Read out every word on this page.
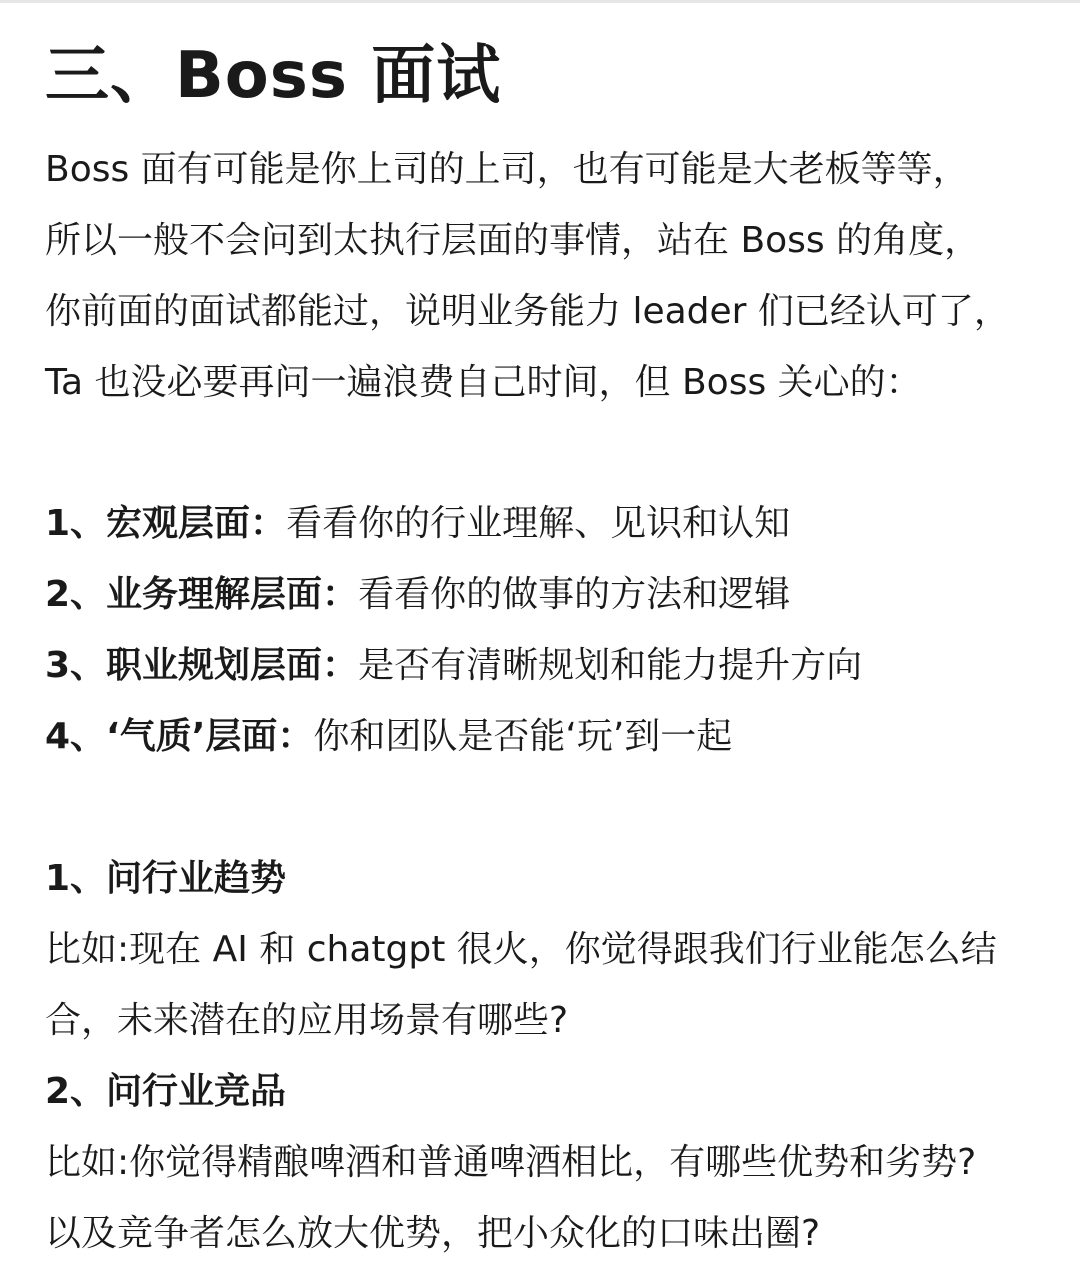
三、Boss 面试

Boss 面有可能是你上司的上司，也有可能是大老板等等，

所以一般不会问到太执行层面的事情，站在 Boss 的角度，

你前面的面试都能过，说明业务能力 leader 们已经认可了，

Ta 也没必要再问一遍浪费自己时间，但 Boss 关心的：

1、宏观层面：看看你的行业理解、见识和认知

2、业务理解层面：看看你的做事的方法和逻辑

3、职业规划层面：是否有清晰规划和能力提升方向

4、‘气质’层面：你和团队是否能‘玩’到一起

1、问行业趋势

比如:现在 AI 和 chatgpt 很火，你觉得跟我们行业能怎么结

合，未来潜在的应用场景有哪些?

2、问行业竞品

比如:你觉得精酿啤酒和普通啤酒相比，有哪些优势和劣势?

以及竞争者怎么放大优势，把小众化的口味出圈?
